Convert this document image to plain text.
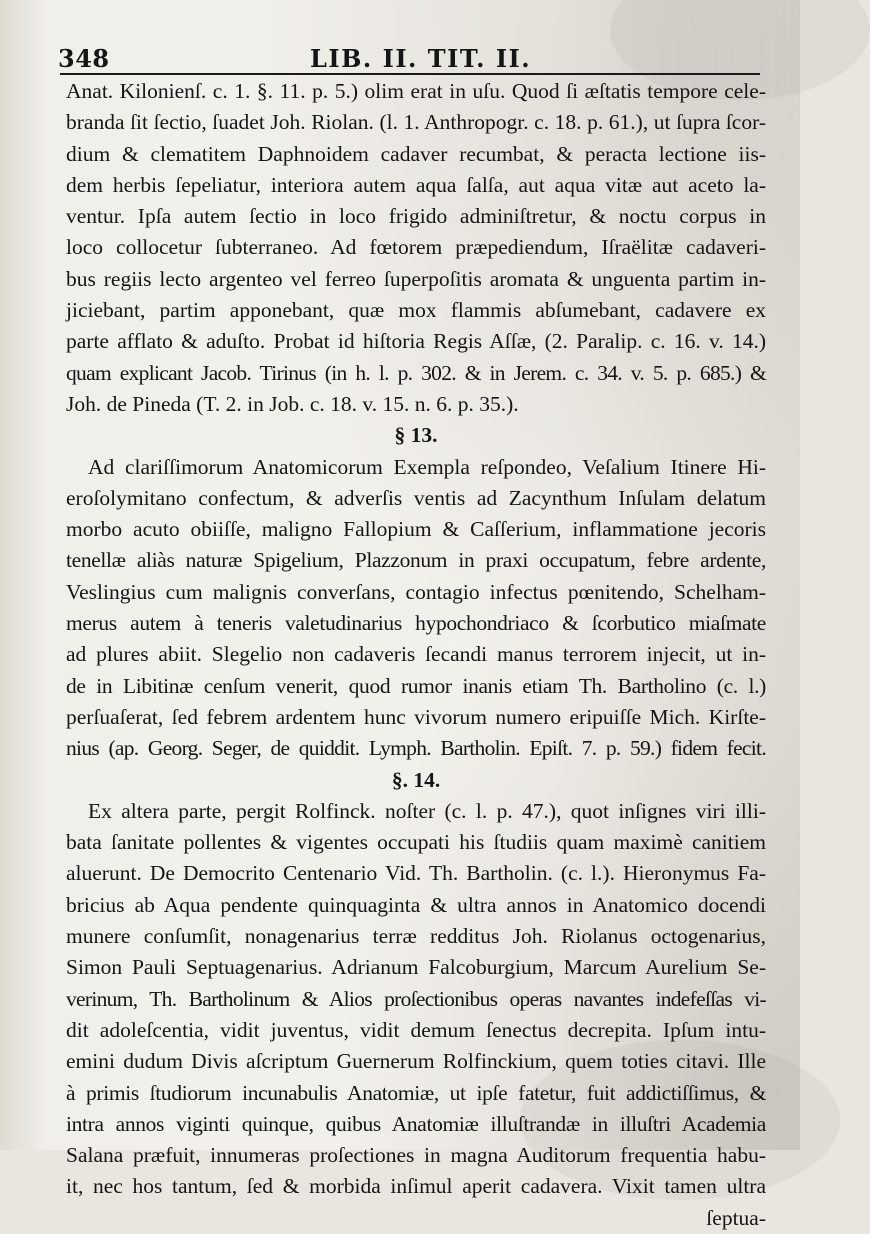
348	LIB. II. TIT. II.
Anat. Kilonienſ. c. 1. §. 11. p. 5.) olim erat in uſu. Quod ſi æſtatis tempore cele-
branda ſit ſectio, ſuadet Joh. Riolan. (l. 1. Anthropogr. c. 18. p. 61.), ut ſupra ſcor-
dium & clematitem Daphnoidem cadaver recumbat, & peracta lectione iis-
dem herbis ſepeliatur, interiora autem aqua ſalſa, aut aqua vitæ aut aceto la-
ventur. Ipſa autem ſectio in loco frigido adminiſtretur, & noctu corpus in
loco collocetur ſubterraneo. Ad fœtorem præpediendum, Iſraëlitæ cadaveri-
bus regiis lecto argenteo vel ferreo ſuperpoſitis aromata & unguenta partim in-
jiciebant, partim apponebant, quæ mox flammis abſumebant, cadavere ex
parte afflato & aduſto. Probat id hiſtoria Regis Aſſæ, (2. Paralip. c. 16. v. 14.)
quam explicant Jacob. Tirinus (in h. l. p. 302. & in Jerem. c. 34. v. 5. p. 685.) &
Joh. de Pineda (T. 2. in Job. c. 18. v. 15. n. 6. p. 35.).
§ 13.
Ad clariſſimorum Anatomicorum Exempla reſpondeo, Veſalium Itinere Hi-
eroſolymitano confectum, & adverſis ventis ad Zacynthum Inſulam delatum
morbo acuto obiiſſe, maligno Fallopium & Caſſerium, inflammatione jecoris
tenellæ aliàs naturæ Spigelium, Plazzonum in praxi occupatum, febre ardente,
Veslingius cum malignis converſans, contagio infectus pœnitendo, Schelham-
merus autem à teneris valetudinarius hypochondriaco & ſcorbutico miaſmate
ad plures abiit. Slegelio non cadaveris ſecandi manus terrorem injecit, ut in-
de in Libitinæ cenſum venerit, quod rumor inanis etiam Th. Bartholino (c. l.)
perſuaſerat, ſed febrem ardentem hunc vivorum numero eripuiſſe Mich. Kirſte-
nius (ap. Georg. Seger, de quiddit. Lymph. Bartholin. Epiſt. 7. p. 59.) fidem fecit.
§. 14.
Ex altera parte, pergit Rolfinck. noſter (c. l. p. 47.), quot inſignes viri illi-
bata ſanitate pollentes & vigentes occupati his ſtudiis quam maximè canitiem
aluerunt. De Democrito Centenario Vid. Th. Bartholin. (c. l.). Hieronymus Fa-
bricius ab Aqua pendente quinquaginta & ultra annos in Anatomico docendi
munere conſumſit, nonagenarius terræ redditus Joh. Riolanus octogenarius,
Simon Pauli Septuagenarius. Adrianum Falcoburgium, Marcum Aurelium Se-
verinum, Th. Bartholinum & Alios proſectionibus operas navantes indefeſſas vi-
dit adoleſcentia, vidit juventus, vidit demum ſenectus decrepita. Ipſum intu-
emini dudum Divis aſcriptum Guernerum Rolfinckium, quem toties citavi. Ille
à primis ſtudiorum incunabulis Anatomiæ, ut ipſe fatetur, fuit addictiſſimus, &
intra annos viginti quinque, quibus Anatomiæ illuſtrandæ in illuſtri Academia
Salana præfuit, innumeras proſectiones in magna Auditorum frequentia habu-
it, nec hos tantum, ſed & morbida inſimul aperit cadavera. Vixit tamen ultra
ſeptua-
